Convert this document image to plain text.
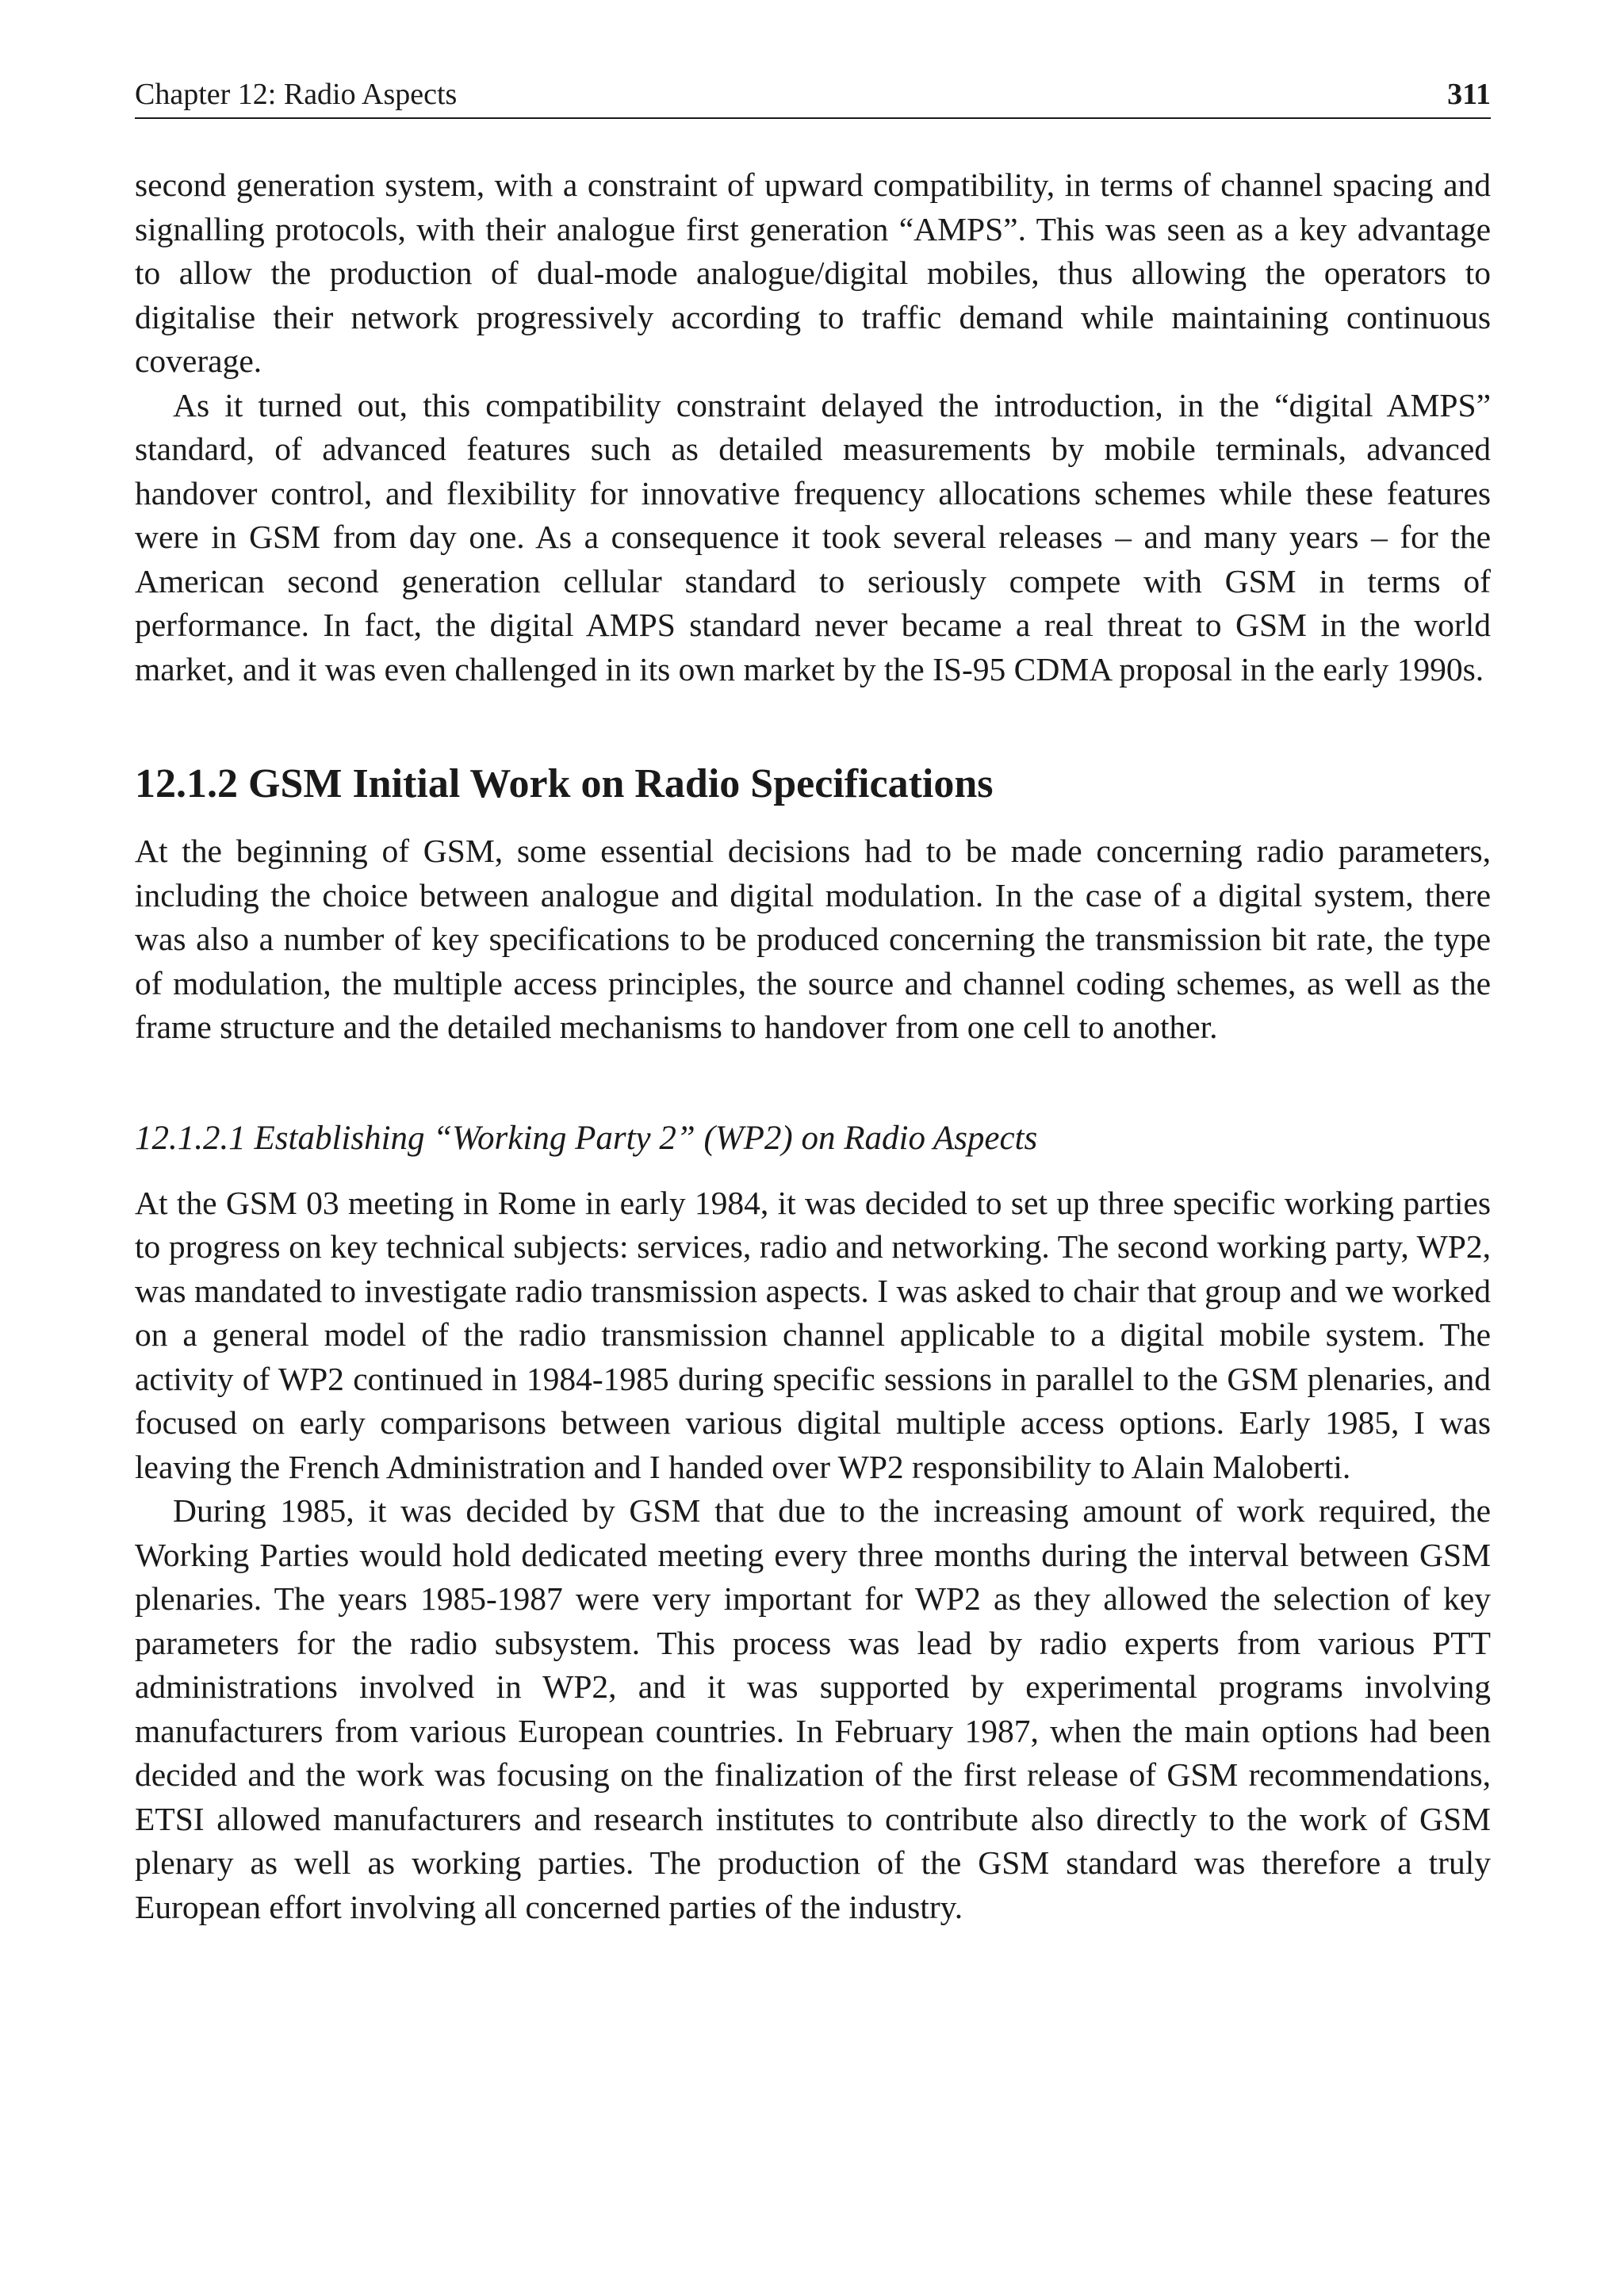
Chapter 12: Radio Aspects	311

second generation system, with a constraint of upward compatibility, in terms of channel spacing and signalling protocols, with their analogue first generation “AMPS”. This was seen as a key advantage to allow the production of dual-mode analogue/digital mobiles, thus allowing the operators to digitalise their network progressively according to traffic demand while maintaining continuous coverage.

As it turned out, this compatibility constraint delayed the introduction, in the “digital AMPS” standard, of advanced features such as detailed measurements by mobile terminals, advanced handover control, and flexibility for innovative frequency allocations schemes while these features were in GSM from day one. As a consequence it took several releases – and many years – for the American second generation cellular standard to seriously compete with GSM in terms of performance. In fact, the digital AMPS standard never became a real threat to GSM in the world market, and it was even challenged in its own market by the IS-95 CDMA proposal in the early 1990s.

12.1.2 GSM Initial Work on Radio Specifications

At the beginning of GSM, some essential decisions had to be made concerning radio parameters, including the choice between analogue and digital modulation. In the case of a digital system, there was also a number of key specifications to be produced concerning the transmission bit rate, the type of modulation, the multiple access principles, the source and channel coding schemes, as well as the frame structure and the detailed mechanisms to handover from one cell to another.

12.1.2.1 Establishing “Working Party 2” (WP2) on Radio Aspects

At the GSM 03 meeting in Rome in early 1984, it was decided to set up three specific working parties to progress on key technical subjects: services, radio and networking. The second working party, WP2, was mandated to investigate radio transmission aspects. I was asked to chair that group and we worked on a general model of the radio transmission channel applicable to a digital mobile system. The activity of WP2 continued in 1984-1985 during specific sessions in parallel to the GSM plenaries, and focused on early comparisons between various digital multiple access options. Early 1985, I was leaving the French Administration and I handed over WP2 responsibility to Alain Maloberti.

During 1985, it was decided by GSM that due to the increasing amount of work required, the Working Parties would hold dedicated meeting every three months during the interval between GSM plenaries. The years 1985-1987 were very important for WP2 as they allowed the selection of key parameters for the radio subsystem. This process was lead by radio experts from various PTT administrations involved in WP2, and it was supported by experimental programs involving manufacturers from various European countries. In February 1987, when the main options had been decided and the work was focusing on the finalization of the first release of GSM recommendations, ETSI allowed manufacturers and research institutes to contribute also directly to the work of GSM plenary as well as working parties. The production of the GSM standard was therefore a truly European effort involving all concerned parties of the industry.
